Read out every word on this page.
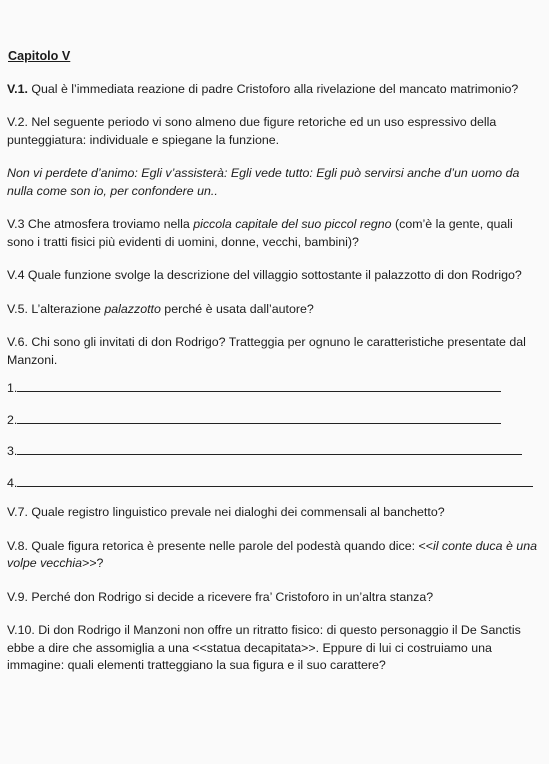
Capitolo V
V.1. Qual è l’immediata reazione di padre Cristoforo alla rivelazione del mancato matrimonio?
V.2. Nel seguente periodo vi sono almeno due figure retoriche ed un uso espressivo della punteggiatura: individuale e spiegane la funzione.
Non vi perdete d’animo: Egli v’assisterà: Egli vede tutto: Egli può servirsi anche d’un uomo da nulla come son io, per confondere un..
V.3 Che atmosfera troviamo nella piccola capitale del suo piccol regno (com’è la gente, quali sono i tratti fisici più evidenti di uomini, donne, vecchi, bambini)?
V.4 Quale funzione svolge la descrizione del villaggio sottostante il palazzotto di don Rodrigo?
V.5. L’alterazione palazzotto perché è usata dall’autore?
V.6. Chi sono gli invitati di don Rodrigo? Tratteggia per ognuno le caratteristiche presentate dal Manzoni.
1.
2.
3.
4.
V.7. Quale registro linguistico prevale nei dialoghi dei commensali al banchetto?
V.8. Quale figura retorica è presente nelle parole del podestà quando dice: <<il conte duca è una volpe vecchia>>?
V.9. Perché don Rodrigo si decide a ricevere fra’ Cristoforo in un’altra stanza?
V.10. Di don Rodrigo il Manzoni non offre un ritratto fisico: di questo personaggio il De Sanctis ebbe a dire che assomiglia a una <<statua decapitata>>. Eppure di lui ci costruiamo una immagine: quali elementi tratteggiano la sua figura e il suo carattere?
